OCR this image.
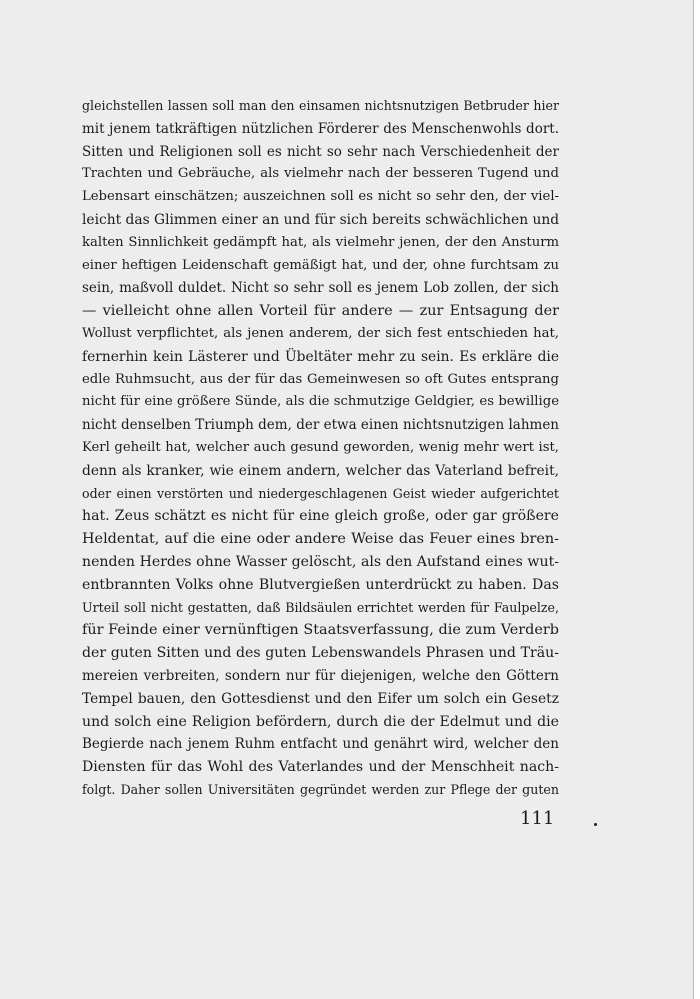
gleichstellen lassen soll man den einsamen nichtsnutzigen Betbruder hier
mit jenem tatkräftigen nützlichen Förderer des Menschenwohls dort.
Sitten und Religionen soll es nicht so sehr nach Verschiedenheit der
Trachten und Gebräuche, als vielmehr nach der besseren Tugend und
Lebensart einschätzen; auszeichnen soll es nicht so sehr den, der viel-
leicht das Glimmen einer an und für sich bereits schwächlichen und
kalten Sinnlichkeit gedämpft hat, als vielmehr jenen, der den Ansturm
einer heftigen Leidenschaft gemäßigt hat, und der, ohne furchtsam zu
sein, maßvoll duldet. Nicht so sehr soll es jenem Lob zollen, der sich
— vielleicht ohne allen Vorteil für andere — zur Entsagung der
Wollust verpflichtet, als jenen anderem, der sich fest entschieden hat,
fernerhin kein Lästerer und Übeltäter mehr zu sein. Es erkläre die
edle Ruhmsucht, aus der für das Gemeinwesen so oft Gutes entsprang
nicht für eine größere Sünde, als die schmutzige Geldgier, es bewillige
nicht denselben Triumph dem, der etwa einen nichtsnutzigen lahmen
Kerl geheilt hat, welcher auch gesund geworden, wenig mehr wert ist,
denn als kranker, wie einem andern, welcher das Vaterland befreit,
oder einen verstörten und niedergeschlagenen Geist wieder aufgerichtet
hat. Zeus schätzt es nicht für eine gleich große, oder gar größere
Heldentat, auf die eine oder andere Weise das Feuer eines bren-
nenden Herdes ohne Wasser gelöscht, als den Aufstand eines wut-
entbrannten Volks ohne Blutvergießen unterdrückt zu haben. Das
Urteil soll nicht gestatten, daß Bildsäulen errichtet werden für Faulpelze,
für Feinde einer vernünftigen Staatsverfassung, die zum Verderb
der guten Sitten und des guten Lebenswandels Phrasen und Träu-
mereien verbreiten, sondern nur für diejenigen, welche den Göttern
Tempel bauen, den Gottesdienst und den Eifer um solch ein Gesetz
und solch eine Religion befördern, durch die der Edelmut und die
Begierde nach jenem Ruhm entfacht und genährt wird, welcher den
Diensten für das Wohl des Vaterlandes und der Menschheit nach-
folgt. Daher sollen Universitäten gegründet werden zur Pflege der guten
111
